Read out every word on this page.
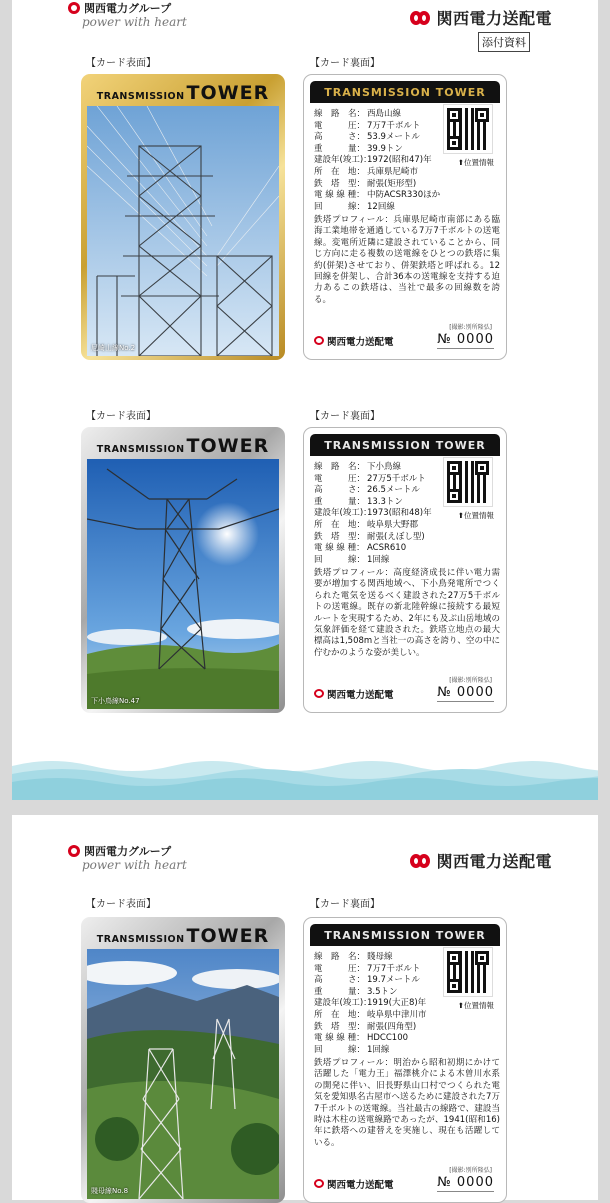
関西電力グループ
power with heart	関西電力送配電
添付資料
【カード表面】	【カード裏面】
TRANSMISSION TOWER
尼崎山線No.2
TRANSMISSION TOWER
⬆位置情報
線　路　名： 西島山線
電　　　圧： 7万7千ボルト
高　　　さ： 53.9メートル
重　　　量： 39.9トン
建設年(竣工)：
1972(昭和47)年
所　在　地： 兵庫県尼崎市
鉄　塔　型： 耐張(矩形型)
電 線 線 種： 中防ACSR330ほか
回　　　線： 12回線
鉄塔プロフィール：兵庫県尼崎市南部にある臨海工業地帯を通過している7万7千ボルトの送電線。変電所近隣に建設されていることから、同じ方向に走る複数の送電線をひとつの鉄塔に集約(併架)させており、併架鉄塔と呼ばれる。12回線を併架し、合計36本の送電線を支持する迫力あるこの鉄塔は、当社で最多の回線数を誇る。
[撮影:別所隆弘]
関西電力送配電	№ 0000
【カード表面】	【カード裏面】
TRANSMISSION TOWER
下小鳥線No.47
TRANSMISSION TOWER
⬆位置情報
線　路　名： 下小鳥線
電　　　圧： 27万5千ボルト
高　　　さ： 26.5メートル
重　　　量： 13.3トン
建設年(竣工)：
1973(昭和48)年
所　在　地： 岐阜県大野郡
鉄　塔　型： 耐張(えぼし型)
電 線 線 種： ACSR610
回　　　線： 1回線
鉄塔プロフィール：高度経済成長に伴い電力需要が増加する関西地域へ、下小鳥発電所でつくられた電気を送るべく建設された27万5千ボルトの送電線。既存の新北陸幹線に接続する最短ルートを実現するため、2年にも及ぶ山岳地域の気象評価を経て建設された。鉄塔立地点の最大標高は1,508mと当社一の高さを誇り、空の中に佇むかのような姿が美しい。
[撮影:別所隆弘]
関西電力送配電	№ 0000
関西電力グループ
power with heart	関西電力送配電
【カード表面】	【カード裏面】
TRANSMISSION TOWER
賤母線No.8
TRANSMISSION TOWER
⬆位置情報
線　路　名： 賤母線
電　　　圧： 7万7千ボルト
高　　　さ： 19.7メートル
重　　　量： 3.5トン
建設年(竣工)：
1919(大正8)年
所　在　地： 岐阜県中津川市
鉄　塔　型： 耐張(四角型)
電 線 線 種： HDCC100
回　　　線： 1回線
鉄塔プロフィール：明治から昭和初期にかけて活躍した「電力王」福澤桃介による木曽川水系の開発に伴い、旧長野県山口村でつくられた電気を愛知県名古屋市へ送るために建設された7万7千ボルトの送電線。当社最古の線路で、建設当時は木柱の送電線路であったが、1941(昭和16)年に鉄塔への建替えを実施し、現在も活躍している。
[撮影:別所隆弘]
関西電力送配電	№ 0000
